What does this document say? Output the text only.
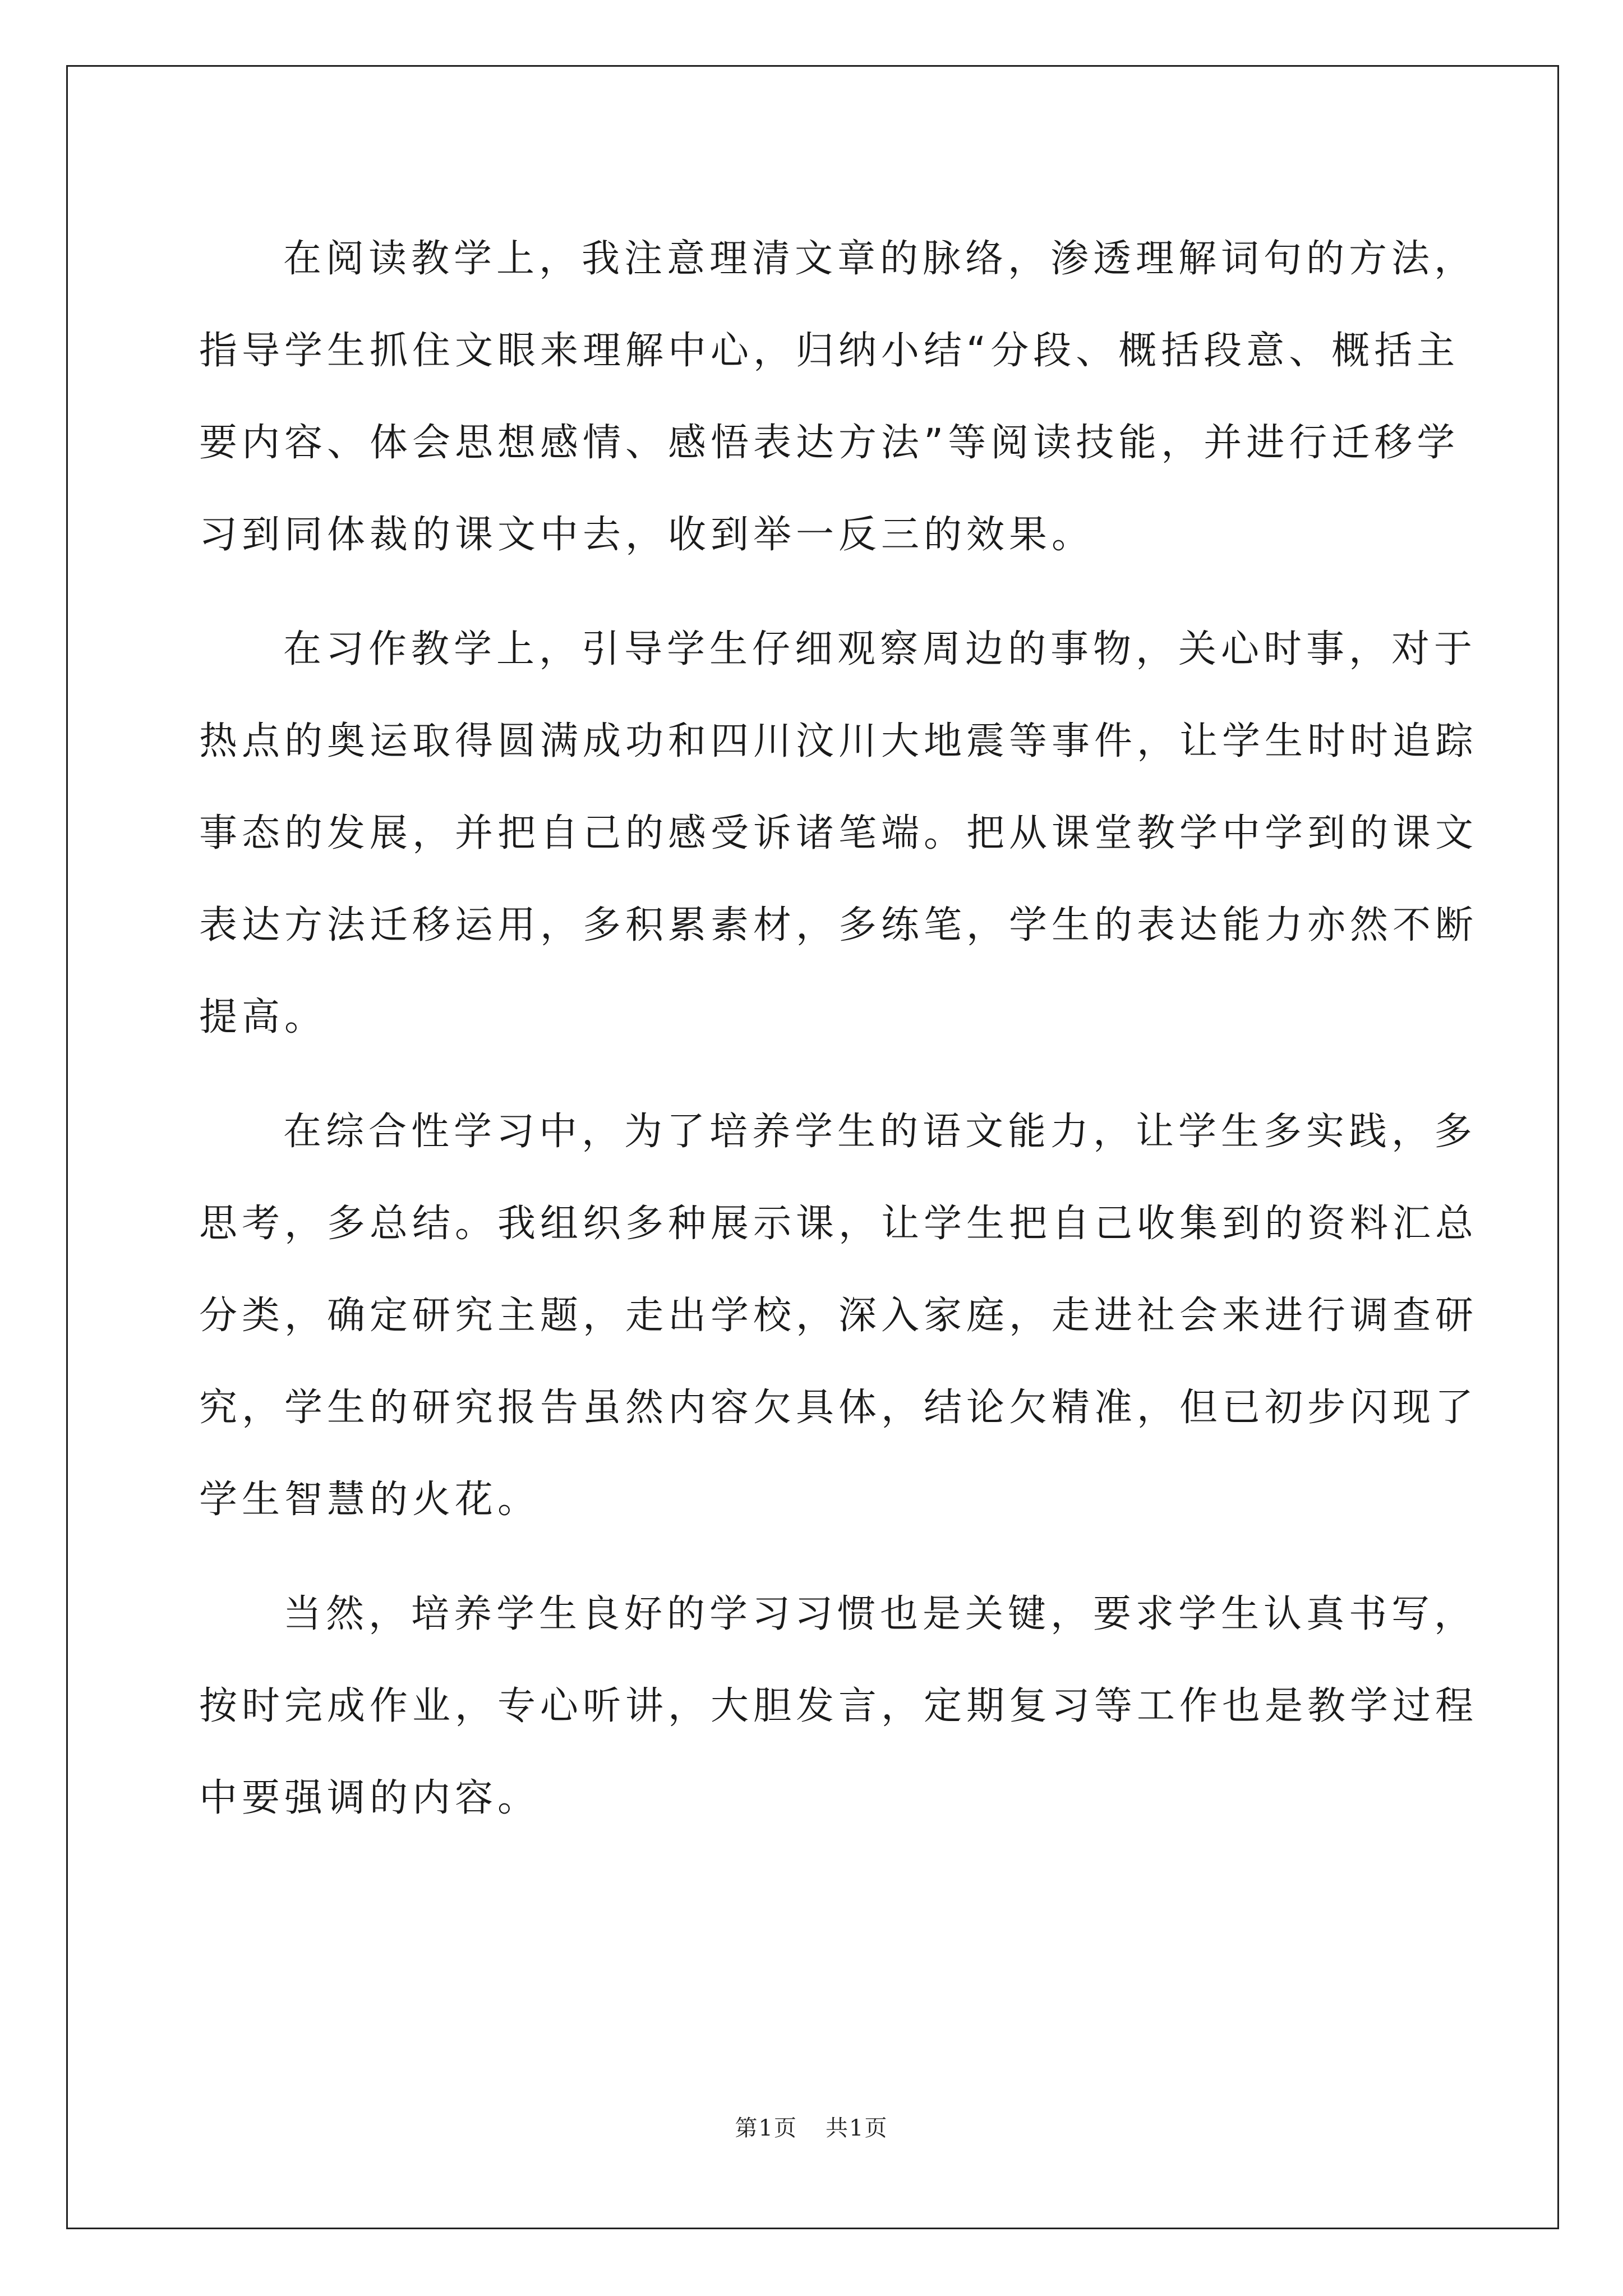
在阅读教学上，我注意理清文章的脉络，渗透理解词句的方法，
指导学生抓住文眼来理解中心，归纳小结“分段、概括段意、概括主
要内容、体会思想感情、感悟表达方法”等阅读技能，并进行迁移学
习到同体裁的课文中去，收到举一反三的效果。

在习作教学上，引导学生仔细观察周边的事物，关心时事，对于
热点的奥运取得圆满成功和四川汶川大地震等事件，让学生时时追踪
事态的发展，并把自己的感受诉诸笔端。把从课堂教学中学到的课文
表达方法迁移运用，多积累素材，多练笔，学生的表达能力亦然不断
提高。

在综合性学习中，为了培养学生的语文能力，让学生多实践，多
思考，多总结。我组织多种展示课，让学生把自己收集到的资料汇总
分类，确定研究主题，走出学校，深入家庭，走进社会来进行调查研
究，学生的研究报告虽然内容欠具体，结论欠精准，但已初步闪现了
学生智慧的火花。

当然，培养学生良好的学习习惯也是关键，要求学生认真书写，
按时完成作业，专心听讲，大胆发言，定期复习等工作也是教学过程
中要强调的内容。

第1页 共1页
